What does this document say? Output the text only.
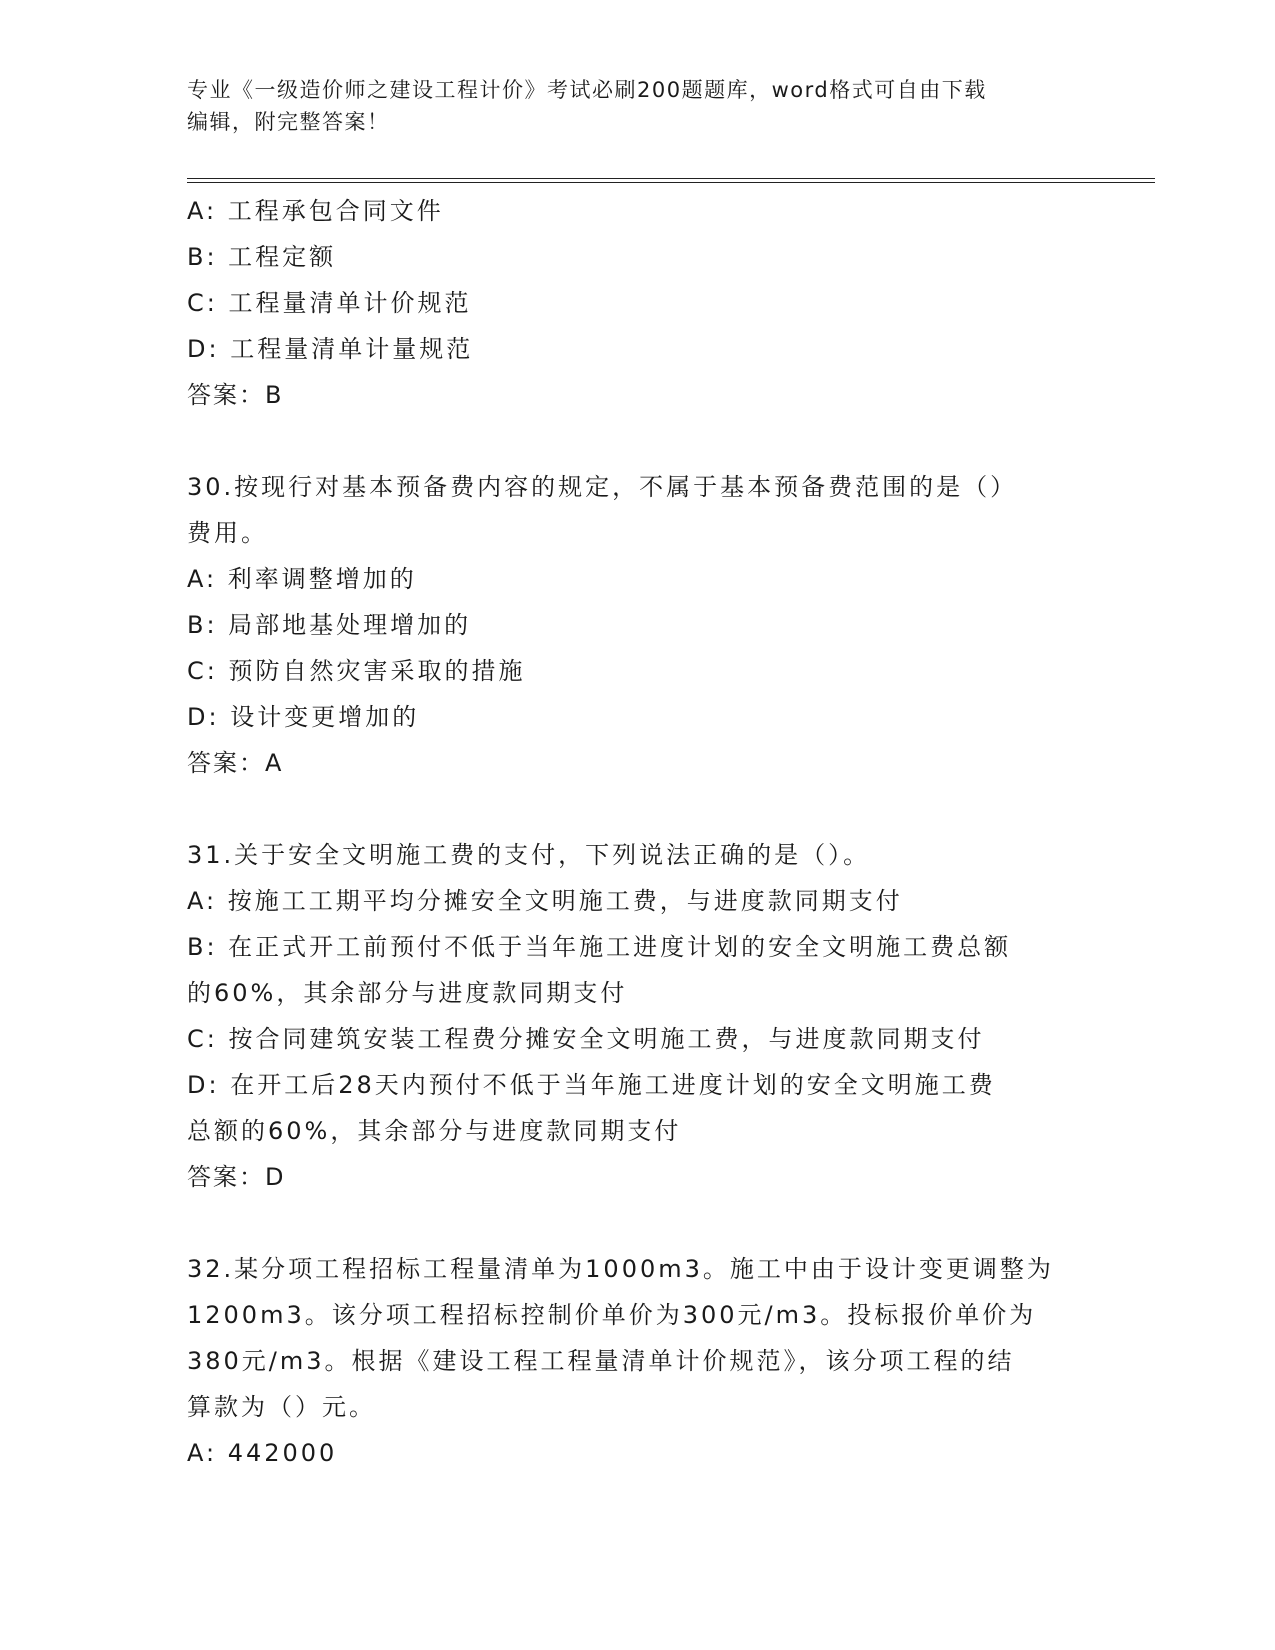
专业《一级造价师之建设工程计价》考试必刷200题题库，word格式可自由下载

编辑，附完整答案！

A: 工程承包合同文件

B: 工程定额

C: 工程量清单计价规范

D: 工程量清单计量规范

答案：B

30.按现行对基本预备费内容的规定，不属于基本预备费范围的是（）

费用。

A: 利率调整增加的

B: 局部地基处理增加的

C: 预防自然灾害采取的措施

D: 设计变更增加的

答案：A

31.关于安全文明施工费的支付，下列说法正确的是（）。

A: 按施工工期平均分摊安全文明施工费，与进度款同期支付

B: 在正式开工前预付不低于当年施工进度计划的安全文明施工费总额

的60%，其余部分与进度款同期支付

C: 按合同建筑安装工程费分摊安全文明施工费，与进度款同期支付

D: 在开工后28天内预付不低于当年施工进度计划的安全文明施工费

总额的60%，其余部分与进度款同期支付

答案：D

32.某分项工程招标工程量清单为1000m3。施工中由于设计变更调整为

1200m3。该分项工程招标控制价单价为300元/m3。投标报价单价为

380元/m3。根据《建设工程工程量清单计价规范》，该分项工程的结

算款为（）元。

A: 442000
